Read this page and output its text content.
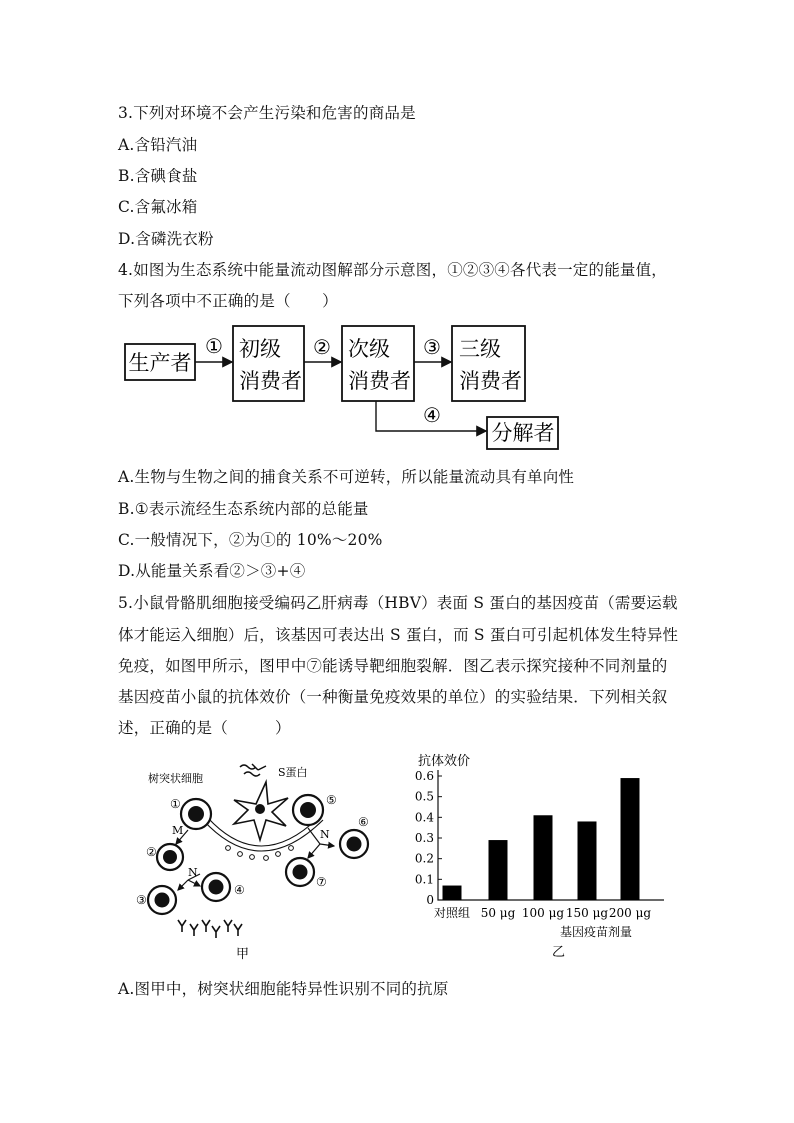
3.下列对环境不会产生污染和危害的商品是
A.含铅汽油
B.含碘食盐
C.含氟冰箱
D.含磷洗衣粉
4.如图为生态系统中能量流动图解部分示意图，①②③④各代表一定的能量值，
下列各项中不正确的是（　　）
生产者
① 初级
消费者
② 次级
消费者
③ 三级
消费者
④
分解者
A.生物与生物之间的捕食关系不可逆转，所以能量流动具有单向性
B.①表示流经生态系统内部的总能量
C.一般情况下，②为①的 10%～20%
D.从能量关系看②＞③+④
5.小鼠骨骼肌细胞接受编码乙肝病毒（HBV）表面 S 蛋白的基因疫苗（需要运载
体才能运入细胞）后，该基因可表达出 S 蛋白，而 S 蛋白可引起机体发生特异性
免疫，如图甲所示，图甲中⑦能诱导靶细胞裂解．图乙表示探究接种不同剂量的
基因疫苗小鼠的抗体效价（一种衡量免疫效果的单位）的实验结果．下列相关叙
述，正确的是（　　　）
树突状细胞	S蛋白
①	⑤
M
②
N
③
④
N
⑥
⑦
甲
抗体效价
0
0.1
0.2
0.3
0.4
0.5
0.6
对照组 50 μg 100 μg 150 μg 200 μg
基因疫苗剂量
乙
A.图甲中，树突状细胞能特异性识别不同的抗原
